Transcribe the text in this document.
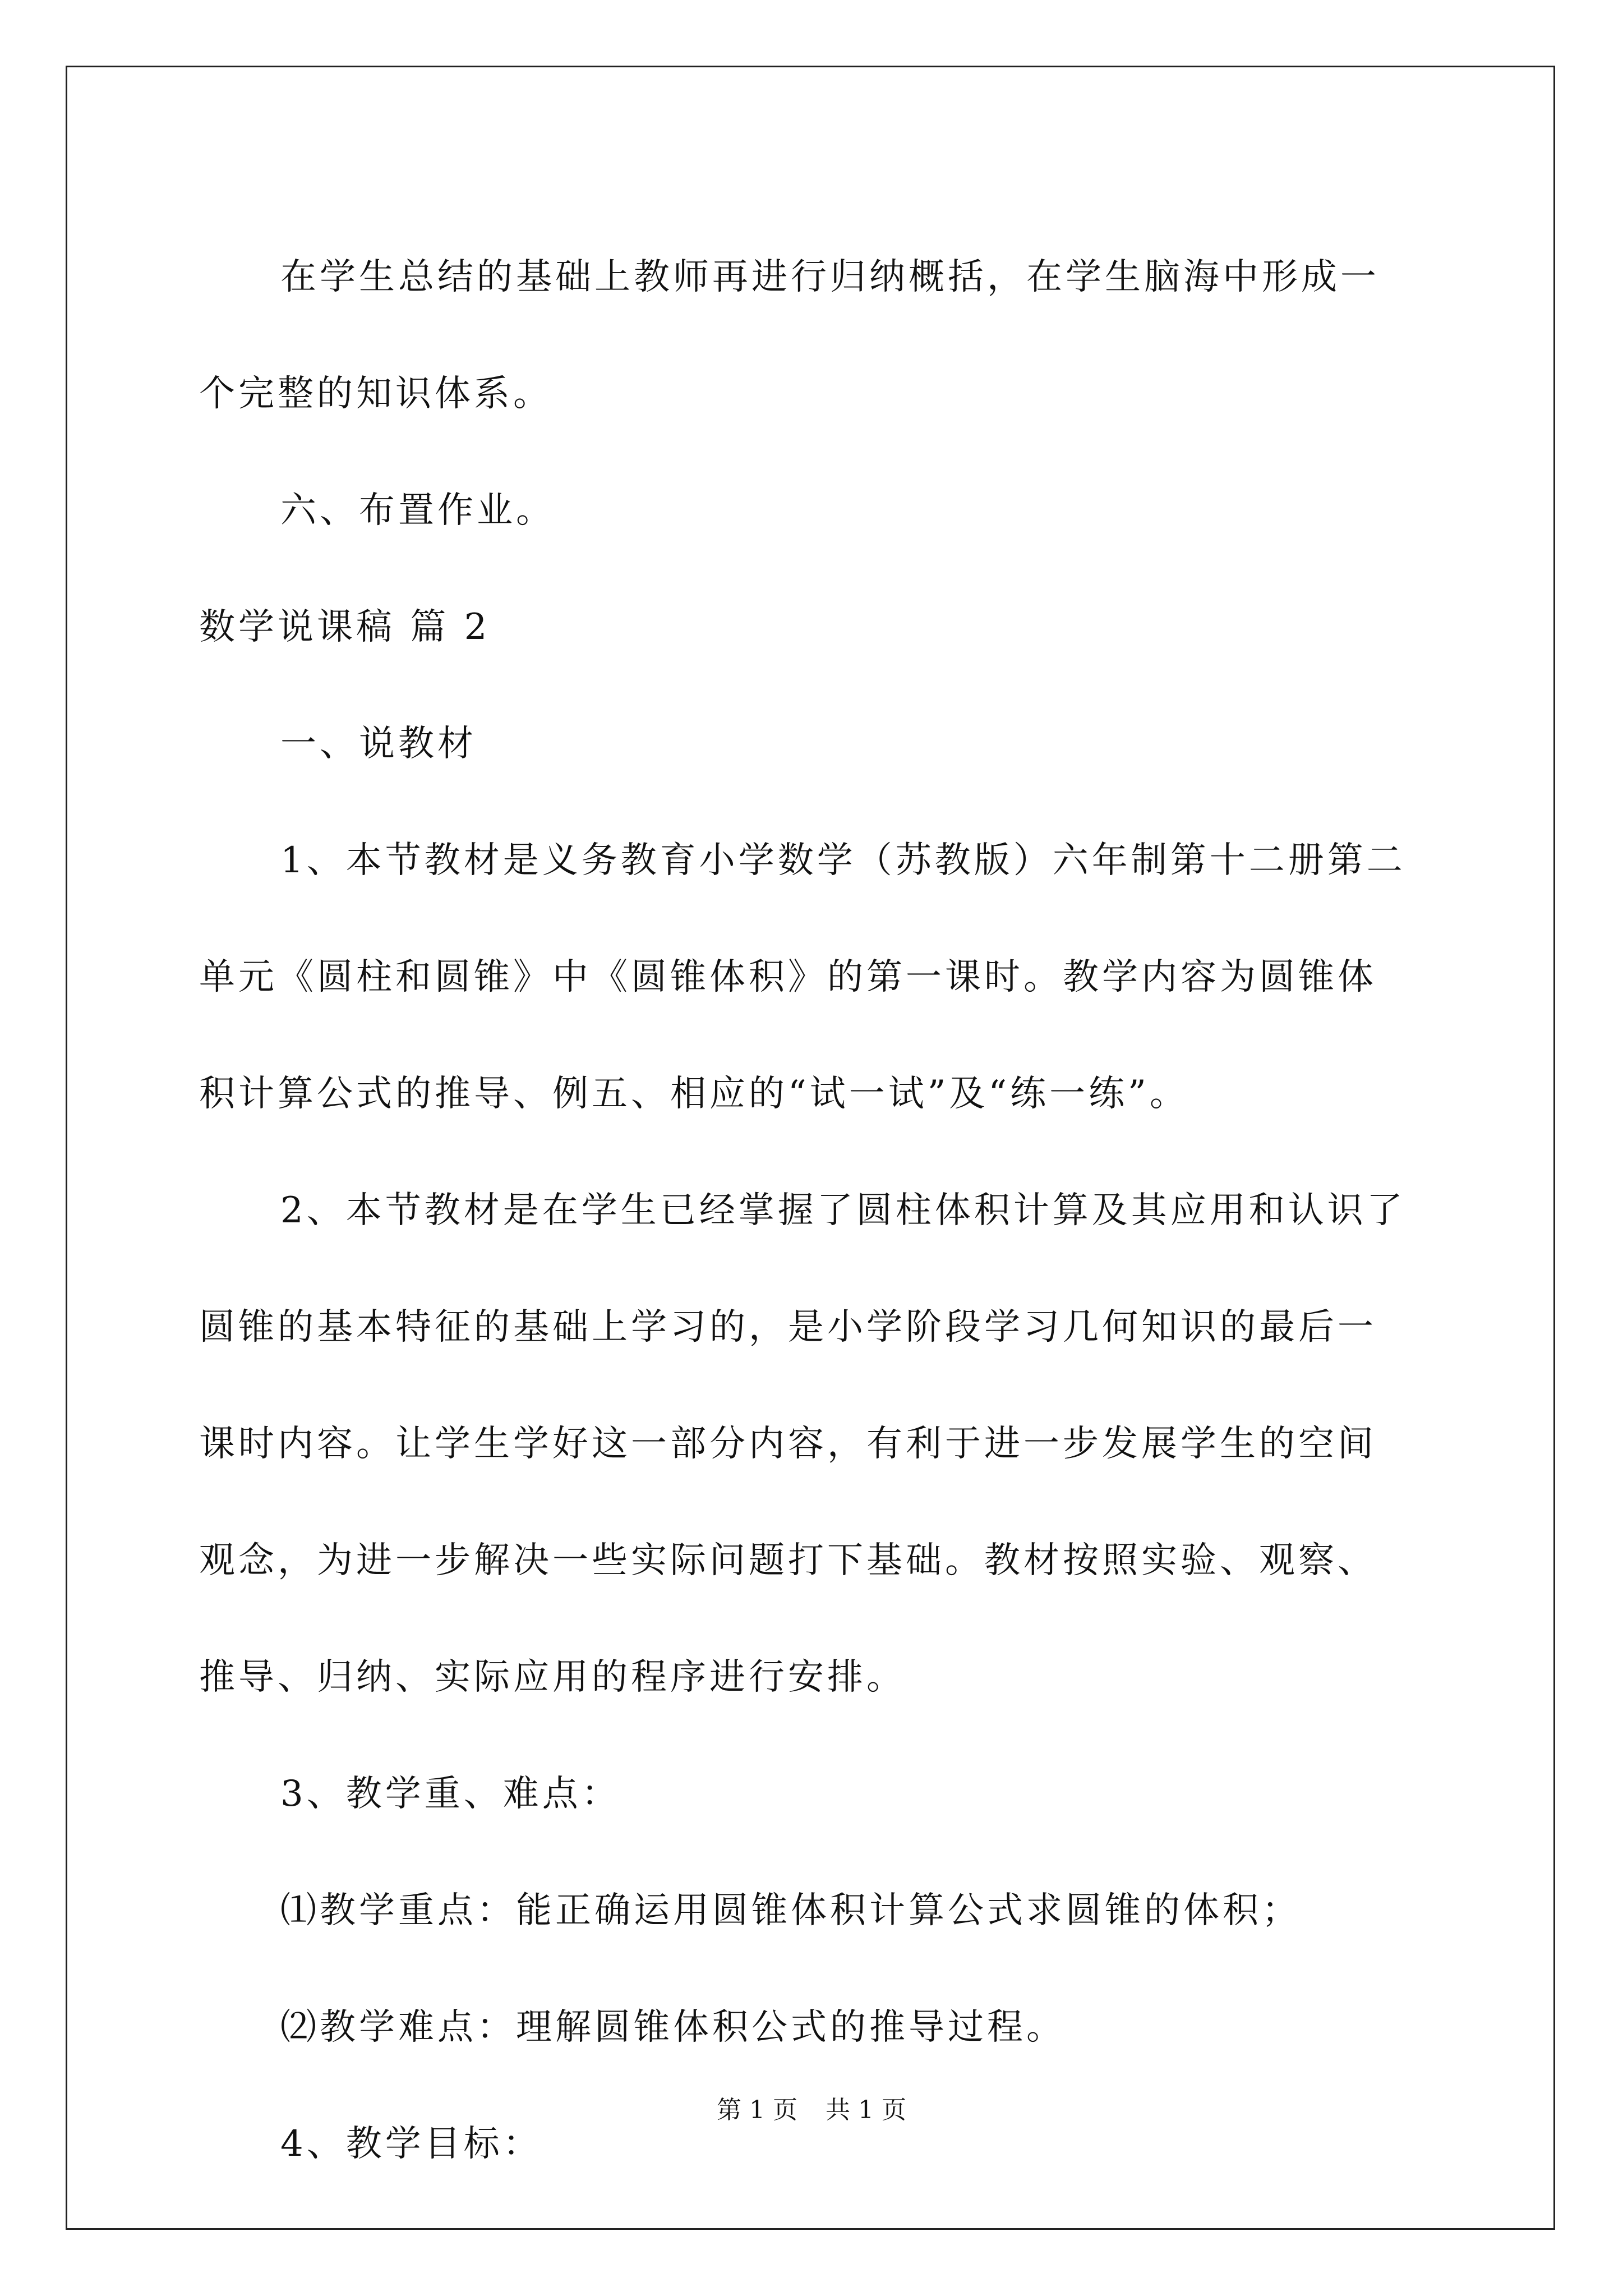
在学生总结的基础上教师再进行归纳概括，在学生脑海中形成一

个完整的知识体系。

六、布置作业。

数学说课稿 篇 2

一、说教材

1、本节教材是义务教育小学数学（苏教版）六年制第十二册第二

单元《圆柱和圆锥》中《圆锥体积》的第一课时。教学内容为圆锥体

积计算公式的推导、例五、相应的“试一试”及“练一练”。

2、本节教材是在学生已经掌握了圆柱体积计算及其应用和认识了

圆锥的基本特征的基础上学习的，是小学阶段学习几何知识的最后一

课时内容。让学生学好这一部分内容，有利于进一步发展学生的空间

观念，为进一步解决一些实际问题打下基础。教材按照实验、观察、

推导、归纳、实际应用的程序进行安排。

3、教学重、难点：

⑴教学重点：能正确运用圆锥体积计算公式求圆锥的体积；

⑵教学难点：理解圆锥体积公式的推导过程。

4、教学目标：

第 1 页 共 1 页
